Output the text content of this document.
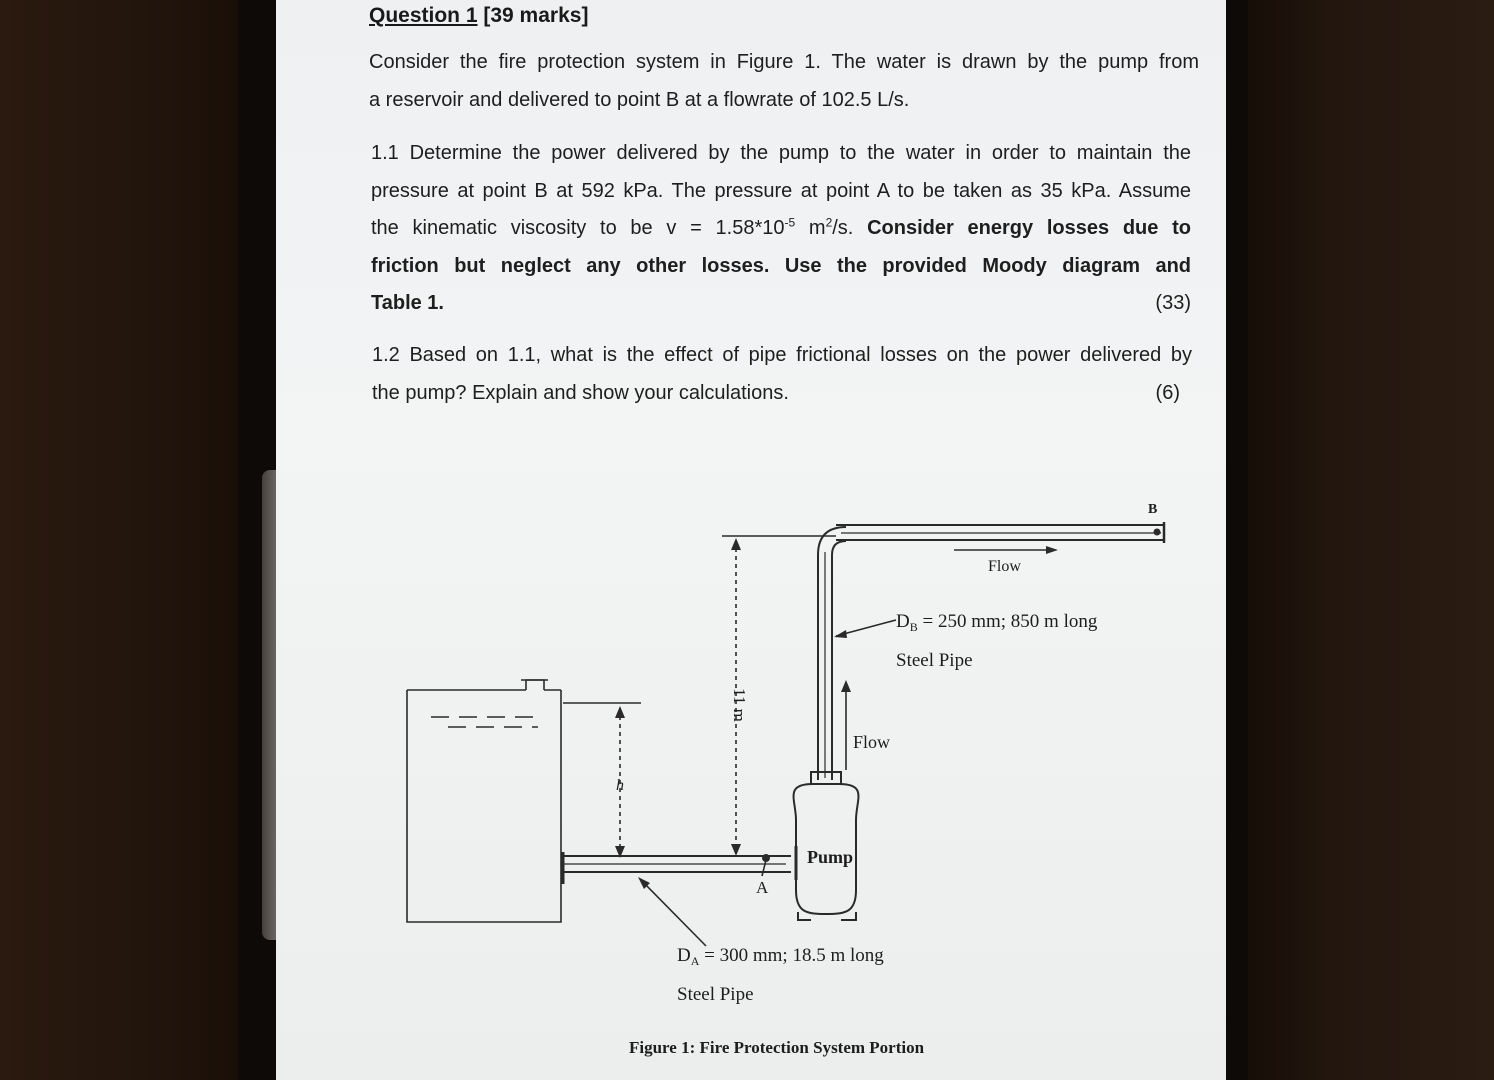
Question 1 [39 marks]
Consider the fire protection system in Figure 1. The water is drawn by the pump from
a reservoir and delivered to point B at a flowrate of 102.5 L/s.
1.1 Determine the power delivered by the pump to the water in order to maintain the
pressure at point B at 592 kPa. The pressure at point A to be taken as 35 kPa. Assume
the kinematic viscosity to be $v = 1.58*10^{-5}$ $m^2/s$. Consider energy losses due to
friction but neglect any other losses. Use the provided Moody diagram and
Table 1.	(33)
1.2 Based on 1.1, what is the effect of pipe frictional losses on the power delivered by
the pump? Explain and show your calculations.	(6)
B
Flow
$D_B = 250$ mm; 850 m long
Steel Pipe
11 m
Flow
h
Pump
A
$D_A = 300$ mm; 18.5 m long
Steel Pipe
Figure 1: Fire Protection System Portion
